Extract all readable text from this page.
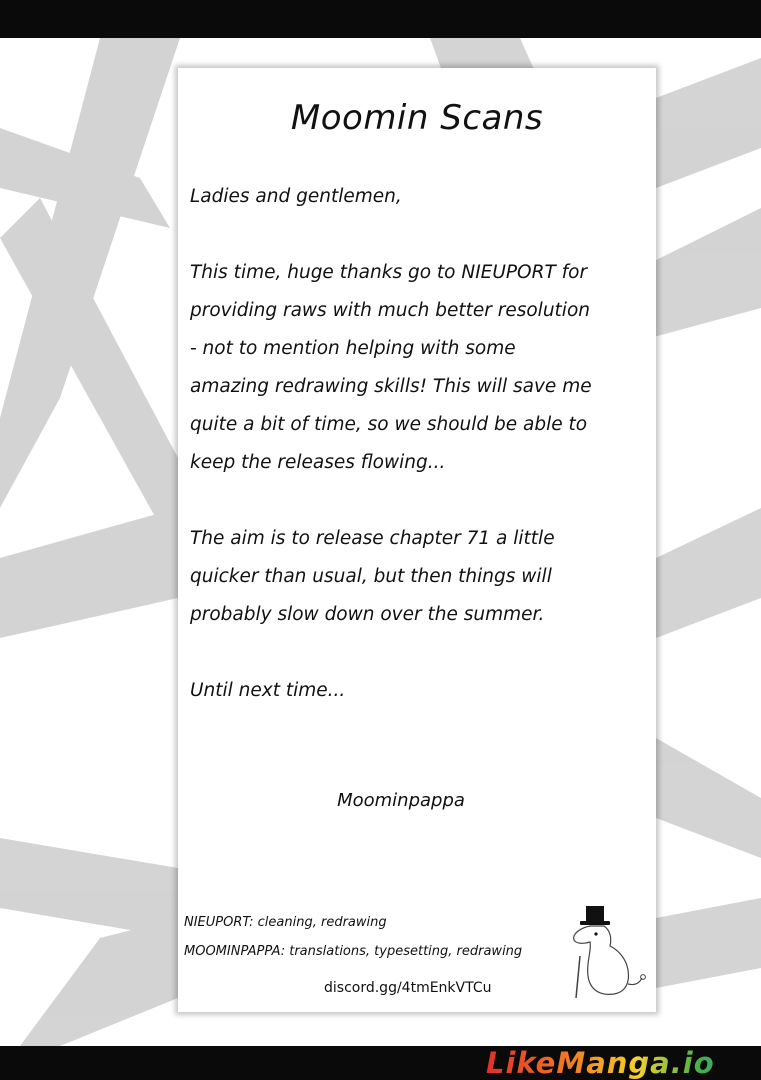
Moomin Scans

Ladies and gentlemen,

This time, huge thanks go to NIEUPORT for
providing raws with much better resolution
- not to mention helping with some
amazing redrawing skills! This will save me
quite a bit of time, so we should be able to
keep the releases flowing...

The aim is to release chapter 71 a little
quicker than usual, but then things will
probably slow down over the summer.

Until next time...

Moominpappa
NIEUPORT: cleaning, redrawing
MOOMINPAPPA: translations, typesetting, redrawing
discord.gg/4tmEnkVTCu
LikeManga.io
